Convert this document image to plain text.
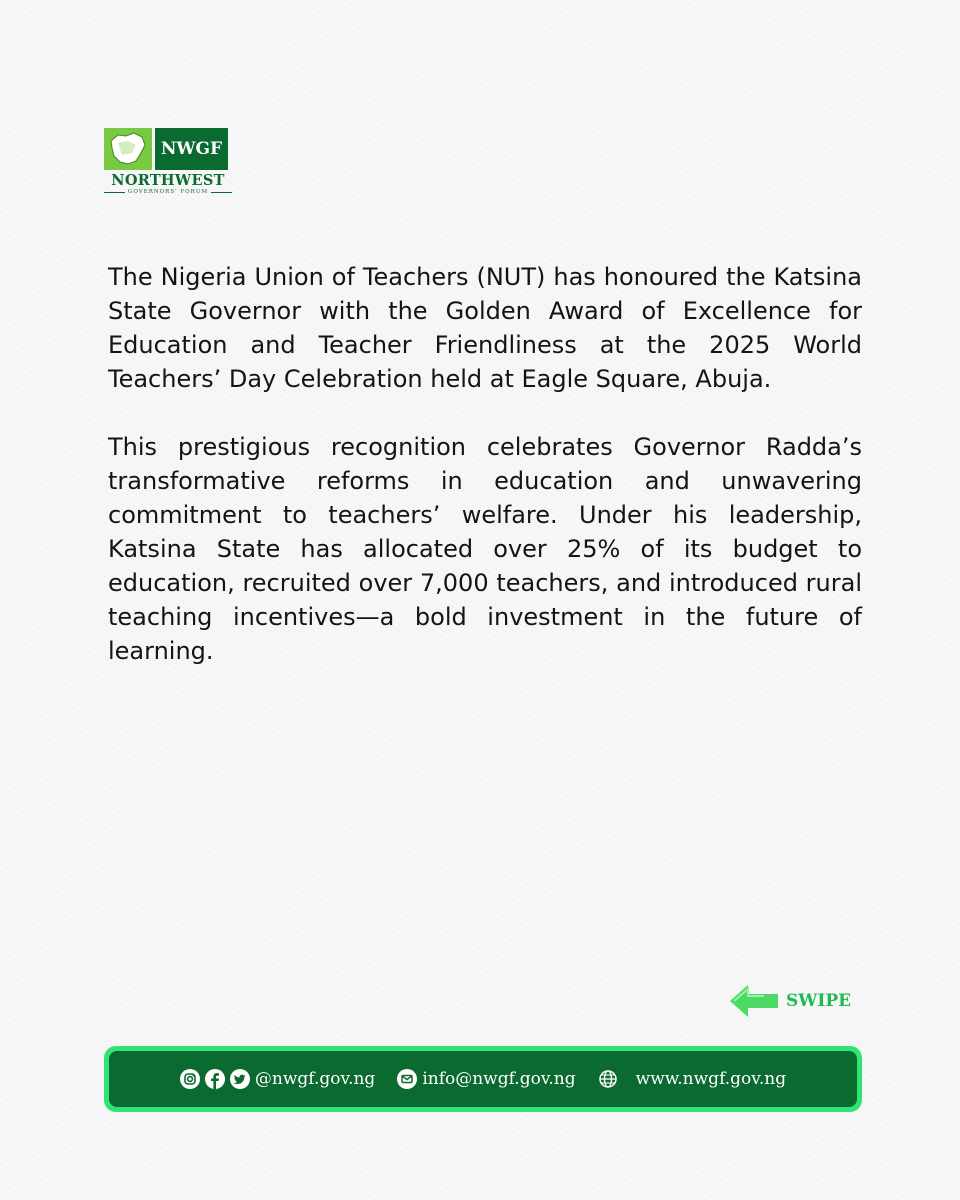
NWGF
NORTHWEST
GOVERNORS' FORUM

The Nigeria Union of Teachers (NUT) has honoured the Katsina State Governor with the Golden Award of Excellence for Education and Teacher Friendliness at the 2025 World Teachers’ Day Celebration held at Eagle Square, Abuja.

This prestigious recognition celebrates Governor Radda’s transformative reforms in education and unwavering commitment to teachers’ welfare. Under his leadership, Katsina State has allocated over 25% of its budget to education, recruited over 7,000 teachers, and introduced rural teaching incentives—a bold investment in the future of learning.

SWIPE
@nwgf.gov.ng	info@nwgf.gov.ng	www.nwgf.gov.ng
